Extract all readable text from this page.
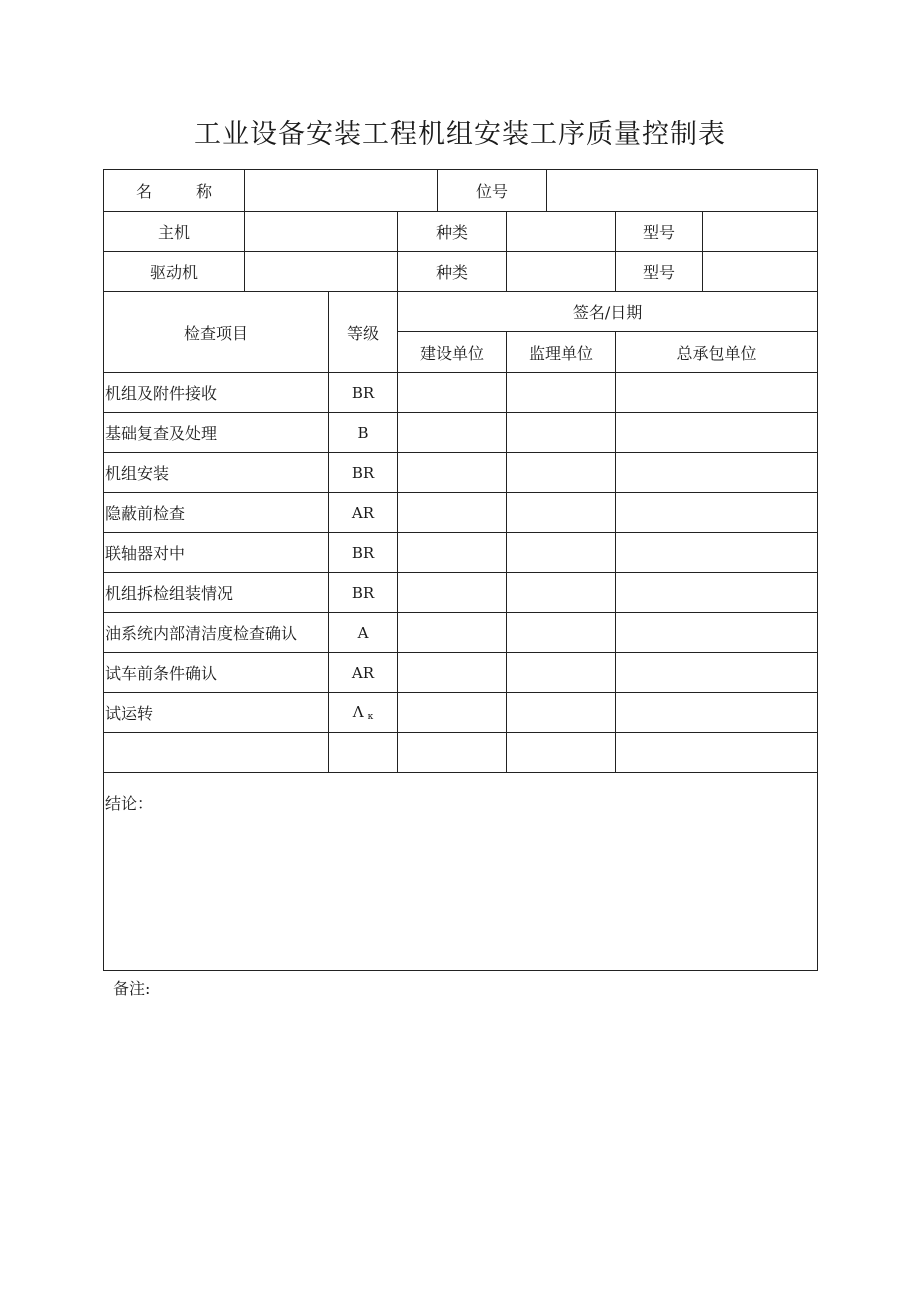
工业设备安装工程机组安装工序质量控制表
名 称				位号					
主机			种类				型号		
驱动机			种类				型号		
检查项目		等级	签名/日期						
			建设单位		监理单位		总承包单位	
机组及附件接收		BR							
基础复查及处理		B							
机组安装		BR							
隐蔽前检查		AR							
联轴器对中		BR							
机组拆检组装情况		BR							
油系统内部清洁度检查确认		A							
试车前条件确认		AR							
试运转		Λ $_\kappa$				

结论：									
备注:
